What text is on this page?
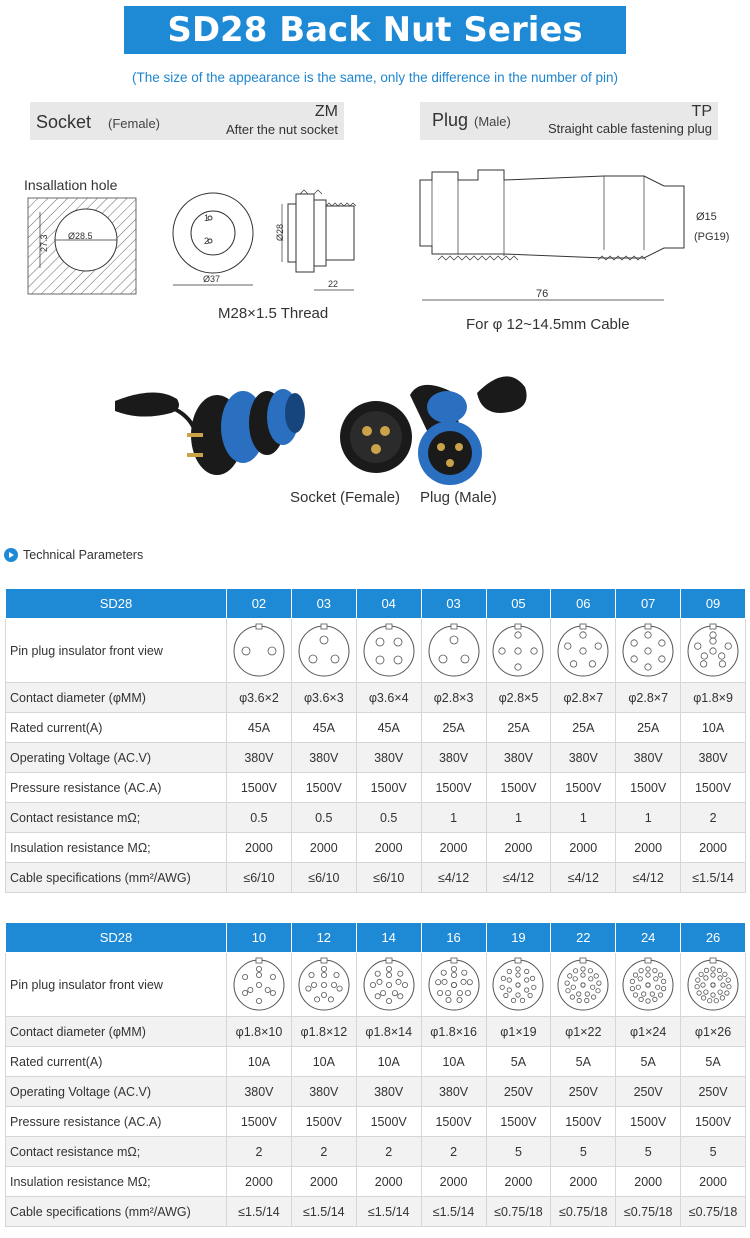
SD28 Back Nut Series
(The size of the appearance is the same, only the difference in the number of pin)
Socket (Female)
ZM
After the nut socket	Plug (Male)
TP
Straight cable fastening plug
Insallation hole
Ø28.5
27.3
1
2
Ø37
Ø28
22
M28×1.5 Thread
Ø15
(PG19)
76
For φ 12~14.5mm Cable
Socket (Female) Plug (Male)
Technical Parameters
SD28	02	03	04	03	05	06	07	09
Pin plug insulator front view								
Contact diameter (φMM)	φ3.6×2	φ3.6×3	φ3.6×4	φ2.8×3	φ2.8×5	φ2.8×7	φ2.8×7	φ1.8×9
Rated current(A)	45A	45A	45A	25A	25A	25A	25A	10A
Operating Voltage (AC.V)	380V	380V	380V	380V	380V	380V	380V	380V
Pressure resistance (AC.A)	1500V	1500V	1500V	1500V	1500V	1500V	1500V	1500V
Contact resistance mΩ;	0.5	0.5	0.5	1	1	1	1	2
Insulation resistance MΩ;	2000	2000	2000	2000	2000	2000	2000	2000
Cable specifications (mm²/AWG)	≤6/10	≤6/10	≤6/10	≤4/12	≤4/12	≤4/12	≤4/12	≤1.5/14
SD28	10	12	14	16	19	22	24	26
Pin plug insulator front view								
Contact diameter (φMM)	φ1.8×10	φ1.8×12	φ1.8×14	φ1.8×16	φ1×19	φ1×22	φ1×24	φ1×26
Rated current(A)	10A	10A	10A	10A	5A	5A	5A	5A
Operating Voltage (AC.V)	380V	380V	380V	380V	250V	250V	250V	250V
Pressure resistance (AC.A)	1500V	1500V	1500V	1500V	1500V	1500V	1500V	1500V
Contact resistance mΩ;	2	2	2	2	5	5	5	5
Insulation resistance MΩ;	2000	2000	2000	2000	2000	2000	2000	2000
Cable specifications (mm²/AWG)	≤1.5/14	≤1.5/14	≤1.5/14	≤1.5/14	≤0.75/18	≤0.75/18	≤0.75/18	≤0.75/18
